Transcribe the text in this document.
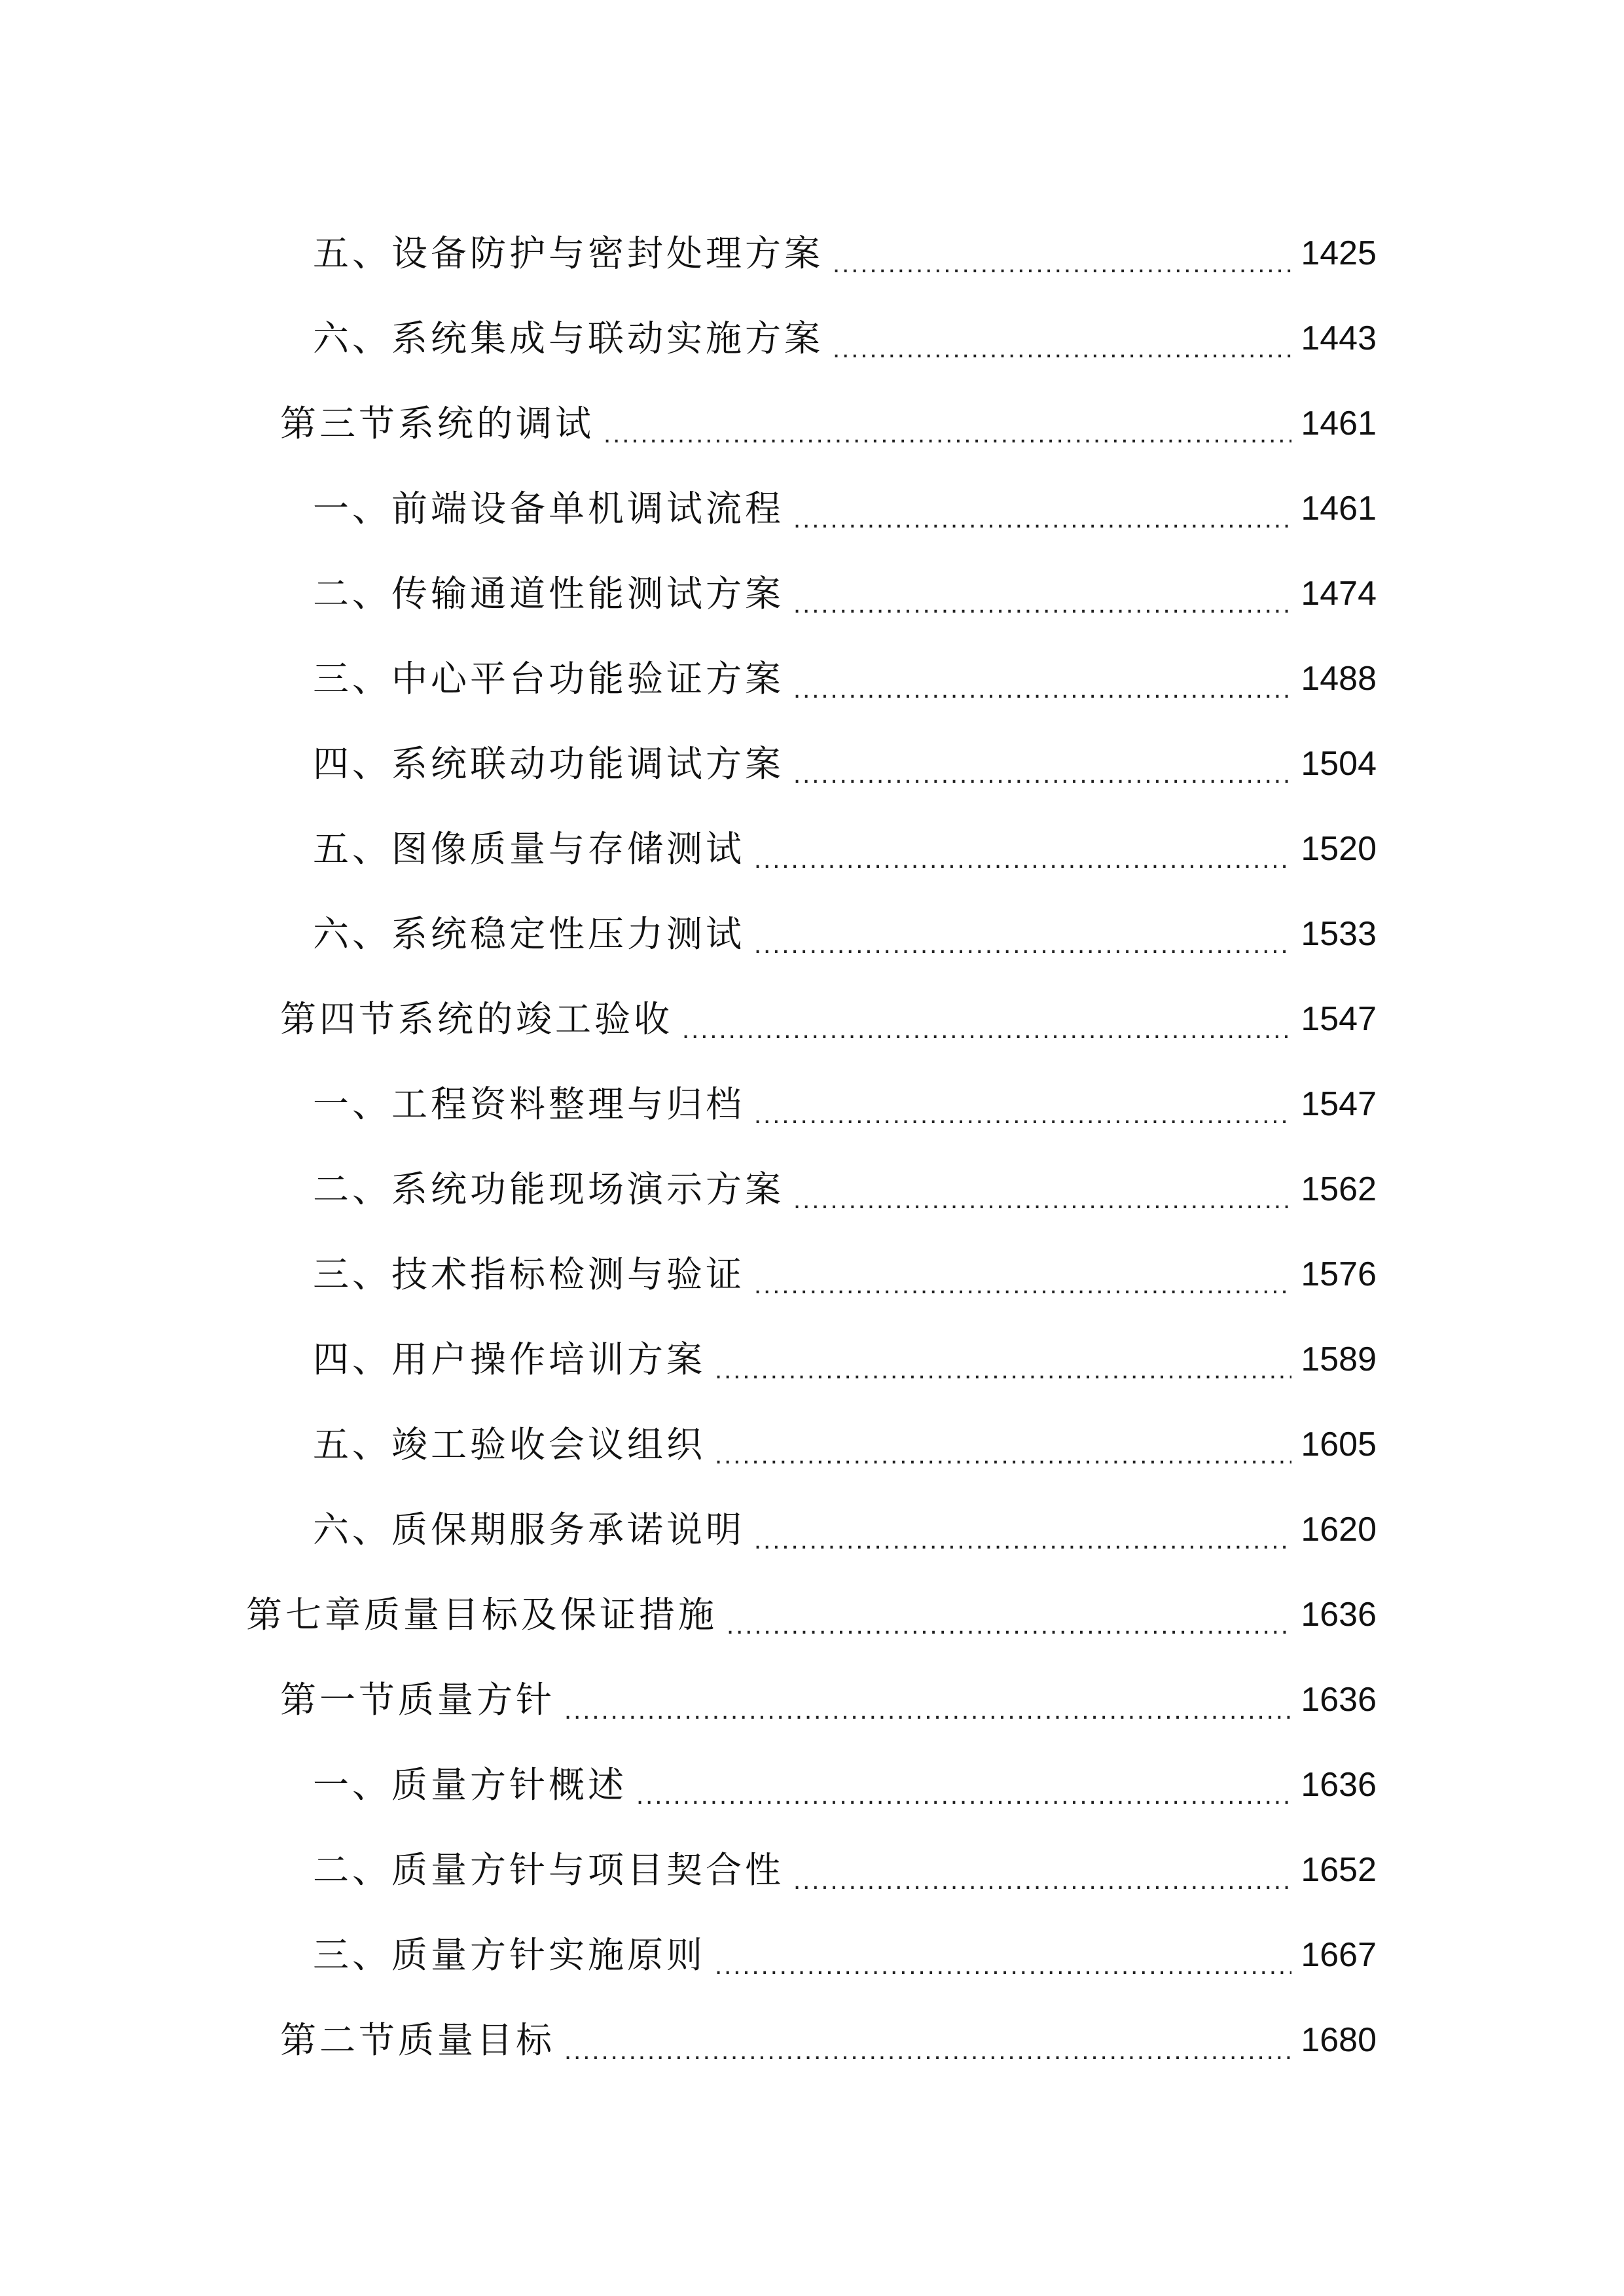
五、设备防护与密封处理方案 .....	1425
六、系统集成与联动实施方案 .....	1443
第三节系统的调试 .....	1461
一、前端设备单机调试流程 .....	1461
二、传输通道性能测试方案 .....	1474
三、中心平台功能验证方案 .....	1488
四、系统联动功能调试方案 .....	1504
五、图像质量与存储测试 .....	1520
六、系统稳定性压力测试 .....	1533
第四节系统的竣工验收 .....	1547
一、工程资料整理与归档 .....	1547
二、系统功能现场演示方案 .....	1562
三、技术指标检测与验证 .....	1576
四、用户操作培训方案 .....	1589
五、竣工验收会议组织 .....	1605
六、质保期服务承诺说明 .....	1620
第七章质量目标及保证措施 .....	1636
第一节质量方针 .....	1636
一、质量方针概述 .....	1636
二、质量方针与项目契合性 .....	1652
三、质量方针实施原则 .....	1667
第二节质量目标 .....	1680
